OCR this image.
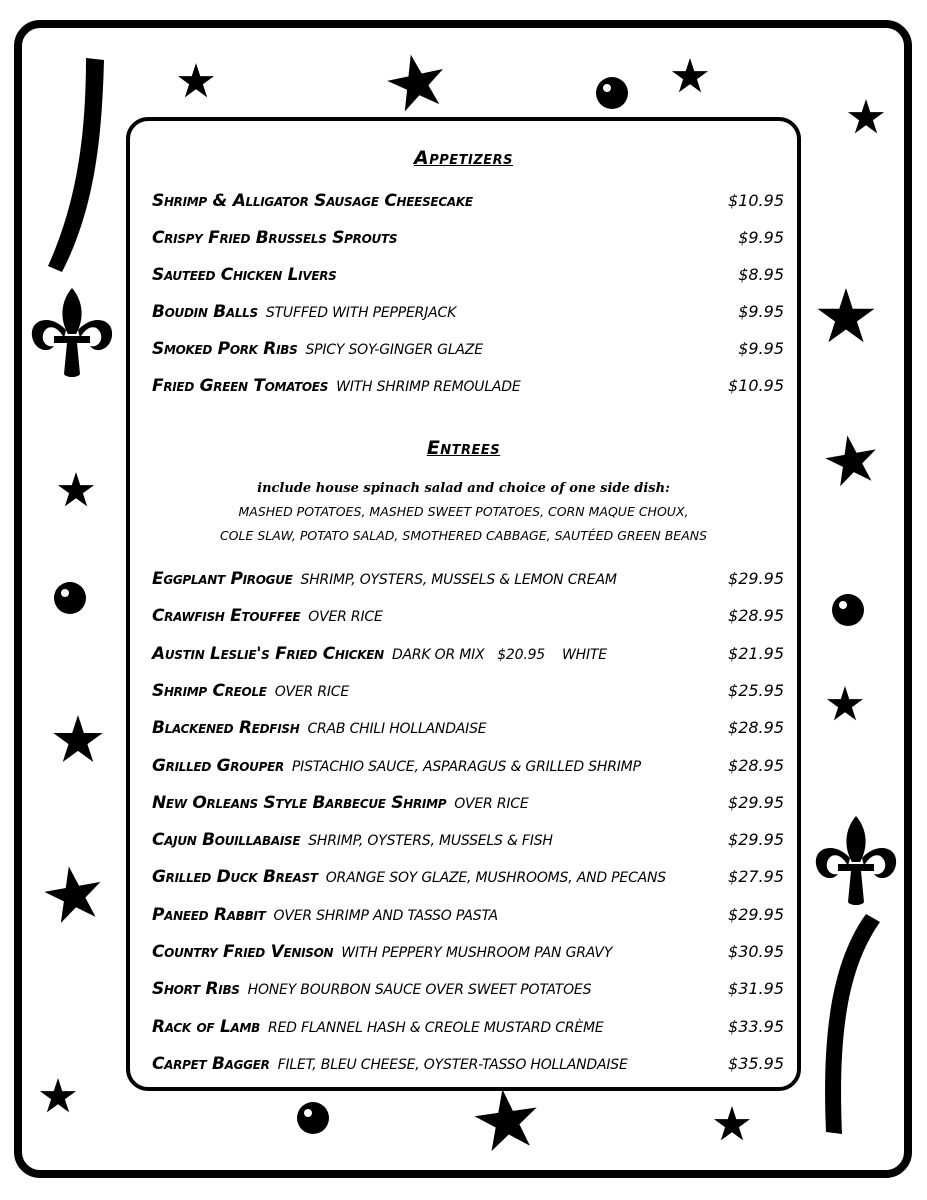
Appetizers
Shrimp & Alligator Sausage Cheesecake	$10.95
Crispy Fried Brussels Sprouts	$9.95
Sauteed Chicken Livers	$8.95
Boudin Balls STUFFED WITH PEPPERJACK	$9.95
Smoked Pork Ribs SPICY SOY-GINGER GLAZE	$9.95
Fried Green Tomatoes WITH SHRIMP REMOULADE	$10.95
Entrees
include house spinach salad and choice of one side dish:
MASHED POTATOES, MASHED SWEET POTATOES, CORN MAQUE CHOUX,
COLE SLAW, POTATO SALAD, SMOTHERED CABBAGE, SAUTÉED GREEN BEANS
Eggplant Pirogue SHRIMP, OYSTERS, MUSSELS & LEMON CREAM	$29.95
Crawfish Etouffee OVER RICE	$28.95
Austin Leslie's Fried Chicken DARK OR MIX   $20.95    WHITE	$21.95
Shrimp Creole OVER RICE	$25.95
Blackened Redfish CRAB CHILI HOLLANDAISE	$28.95
Grilled Grouper PISTACHIO SAUCE, ASPARAGUS & GRILLED SHRIMP	$28.95
New Orleans Style Barbecue Shrimp OVER RICE	$29.95
Cajun Bouillabaise SHRIMP, OYSTERS, MUSSELS & FISH	$29.95
Grilled Duck Breast ORANGE SOY GLAZE, MUSHROOMS, AND PECANS	$27.95
Paneed Rabbit OVER SHRIMP AND TASSO PASTA	$29.95
Country Fried Venison WITH PEPPERY MUSHROOM PAN GRAVY	$30.95
Short Ribs HONEY BOURBON SAUCE OVER SWEET POTATOES	$31.95
Rack of Lamb RED FLANNEL HASH & CREOLE MUSTARD CRÈME	$33.95
Carpet Bagger FILET, BLEU CHEESE, OYSTER-TASSO HOLLANDAISE	$35.95
